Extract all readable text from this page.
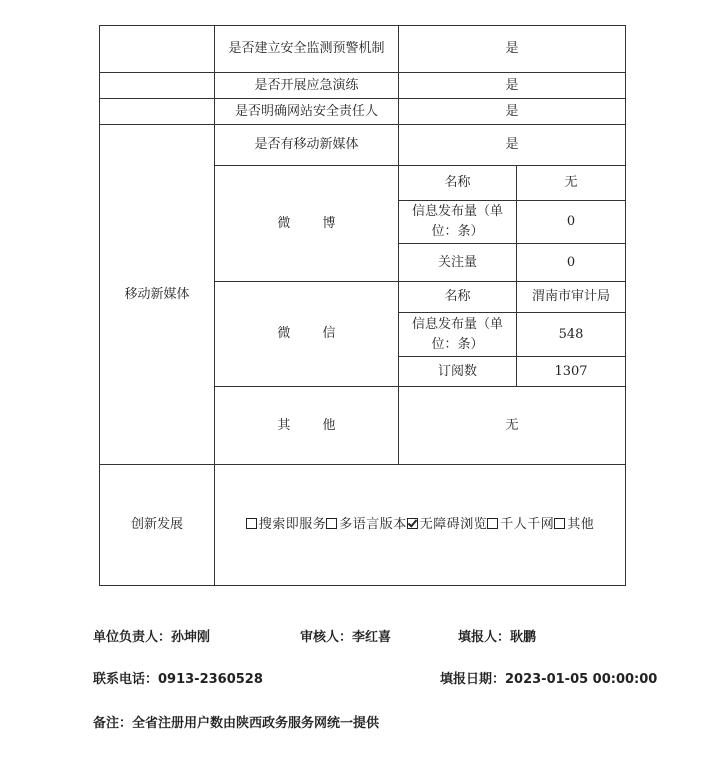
	是否建立安全监测预警机制	是	
	是否开展应急演练	是	
	是否明确网站安全责任人	是	
移动新媒体	是否有移动新媒体	是	
	微 博	名称	无
		信息发布量（单位：条）	0
		关注量	0
	微 信	名称	渭南市审计局
		信息发布量（单位：条）	548
		订阅数	1307
	其 他	无	
创新发展	搜索即服务 多语言版本 无障碍浏览 千人千网 其他		
单位负责人：孙坤刚	审核人：李红喜	填报人：耿鹏
联系电话：0913-2360528	填报日期：2023-01-05 00:00:00
备注：全省注册用户数由陕西政务服务网统一提供
